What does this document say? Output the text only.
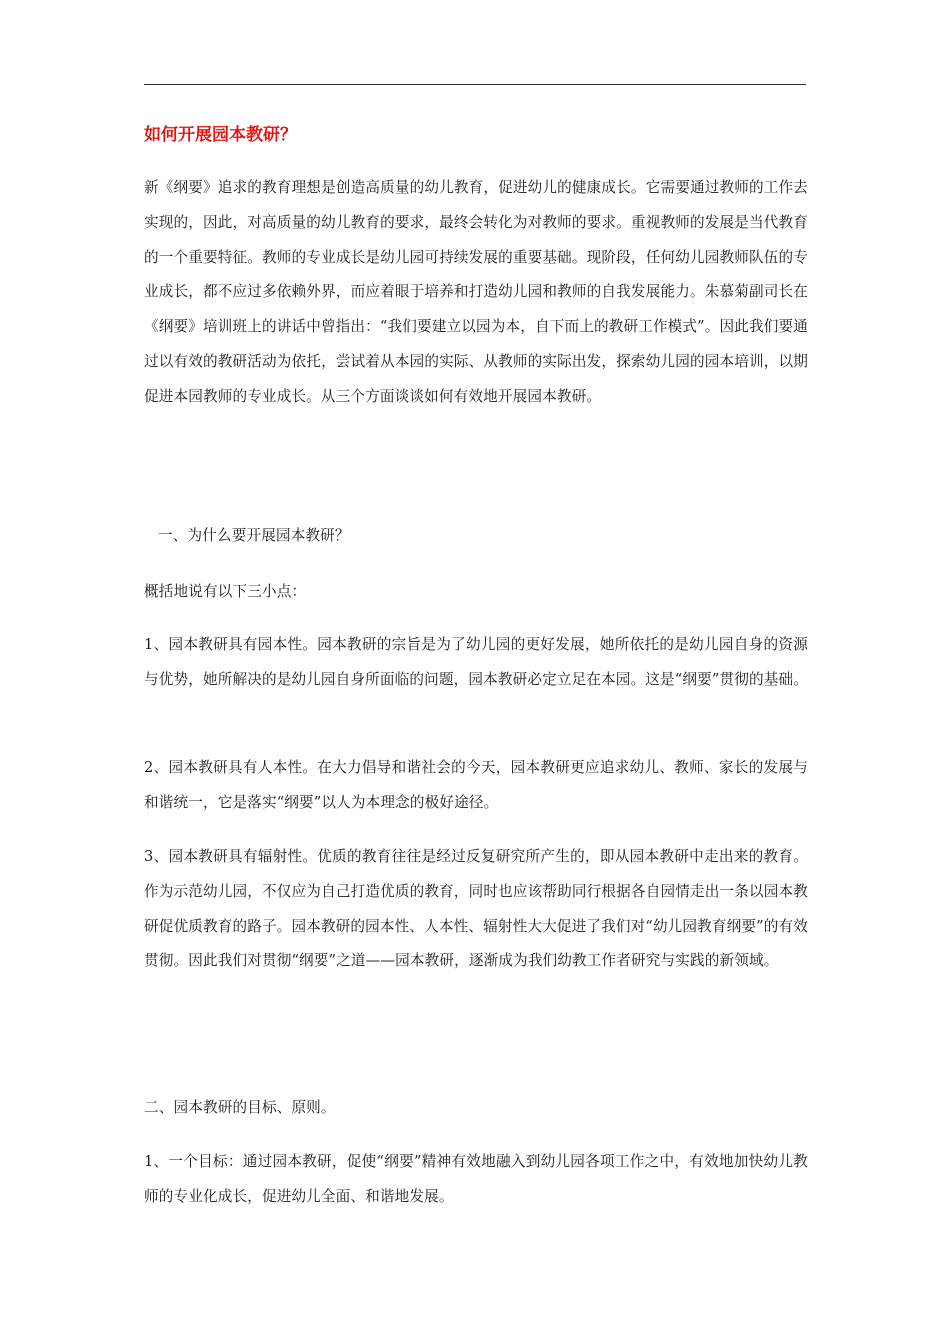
如何开展园本教研？

新《纲要》追求的教育理想是创造高质量的幼儿教育，促进幼儿的健康成长。它需要通过教师的工作去实现的，因此，对高质量的幼儿教育的要求，最终会转化为对教师的要求。重视教师的发展是当代教育的一个重要特征。教师的专业成长是幼儿园可持续发展的重要基础。现阶段，任何幼儿园教师队伍的专业成长，都不应过多依赖外界，而应着眼于培养和打造幼儿园和教师的自我发展能力。朱慕菊副司长在《纲要》培训班上的讲话中曾指出：“我们要建立以园为本，自下而上的教研工作模式”。因此我们要通过以有效的教研活动为依托，尝试着从本园的实际、从教师的实际出发，探索幼儿园的园本培训，以期促进本园教师的专业成长。从三个方面谈谈如何有效地开展园本教研。

一、为什么要开展园本教研？

概括地说有以下三小点：

1、园本教研具有园本性。园本教研的宗旨是为了幼儿园的更好发展，她所依托的是幼儿园自身的资源与优势，她所解决的是幼儿园自身所面临的问题，园本教研必定立足在本园。这是“纲要”贯彻的基础。

2、园本教研具有人本性。在大力倡导和谐社会的今天，园本教研更应追求幼儿、教师、家长的发展与和谐统一，它是落实“纲要”以人为本理念的极好途径。

3、园本教研具有辐射性。优质的教育往往是经过反复研究所产生的，即从园本教研中走出来的教育。作为示范幼儿园，不仅应为自己打造优质的教育，同时也应该帮助同行根据各自园情走出一条以园本教研促优质教育的路子。园本教研的园本性、人本性、辐射性大大促进了我们对“幼儿园教育纲要”的有效贯彻。因此我们对贯彻“纲要”之道——园本教研，逐渐成为我们幼教工作者研究与实践的新领域。

二、园本教研的目标、原则。

1、一个目标：通过园本教研，促使“纲要”精神有效地融入到幼儿园各项工作之中，有效地加快幼儿教师的专业化成长，促进幼儿全面、和谐地发展。
